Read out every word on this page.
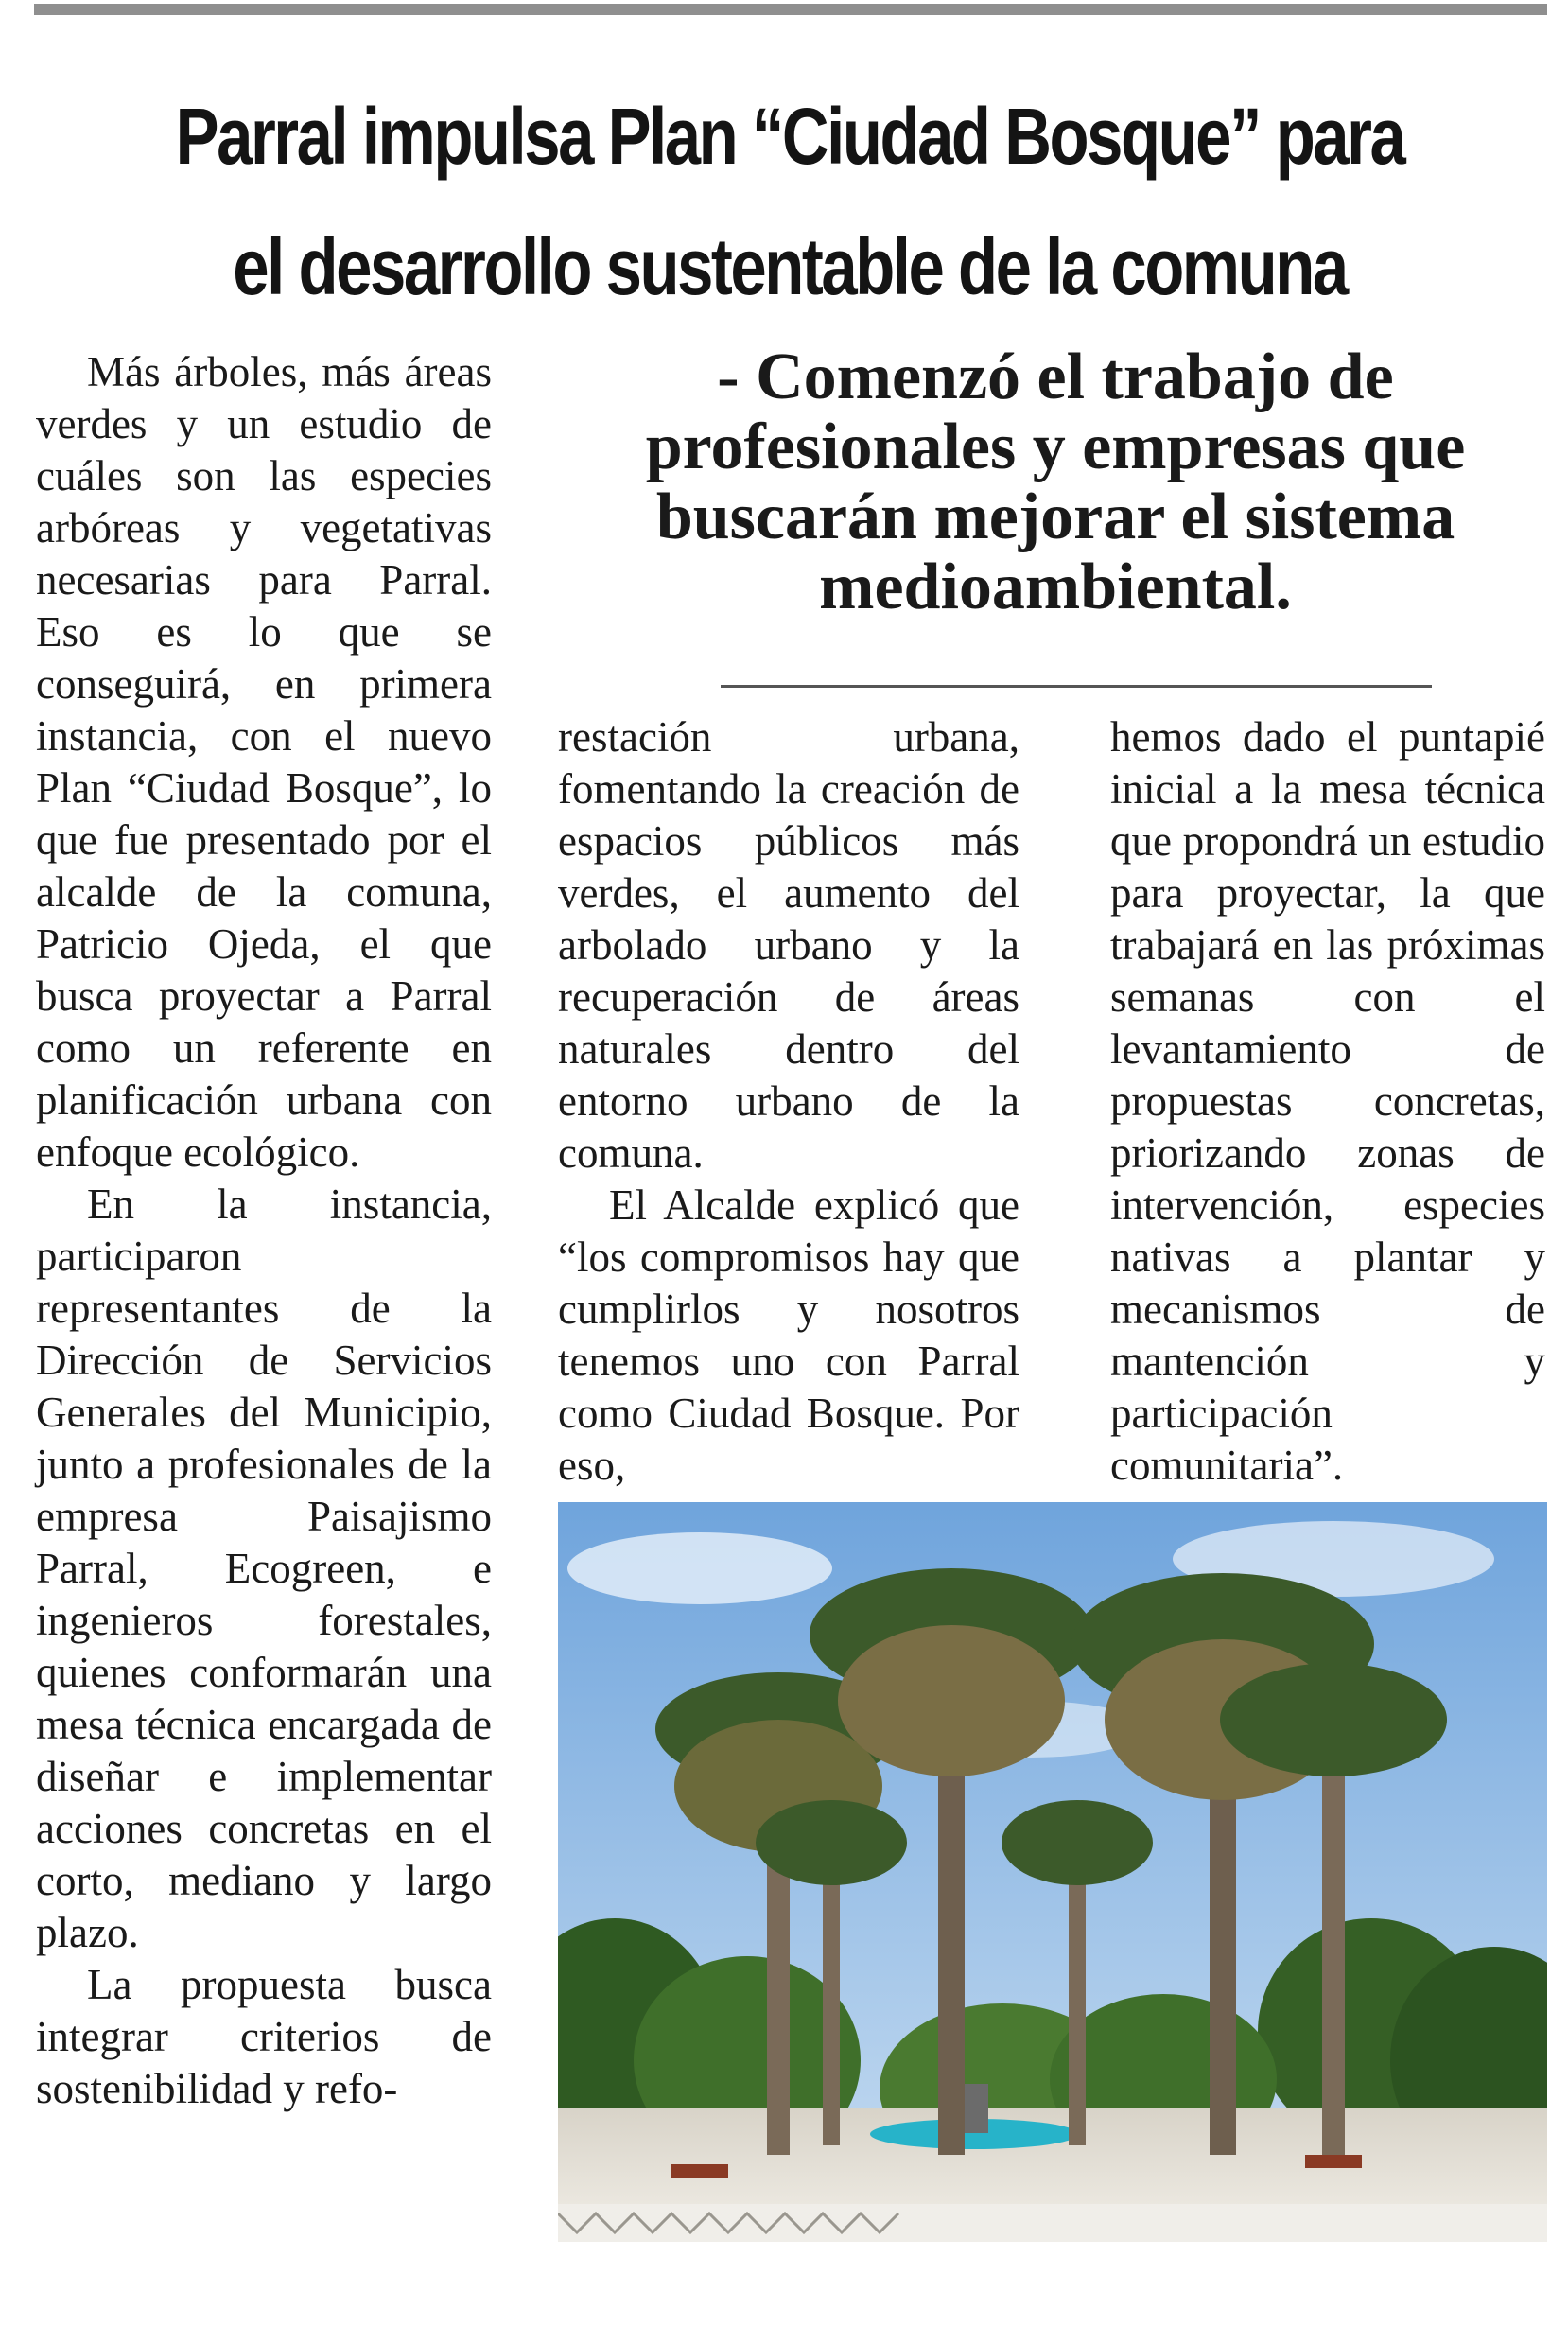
Parral impulsa Plan “Ciudad Bosque” para el desarrollo sustentable de la comuna

Más árboles, más áreas verdes y un estudio de cuáles son las especies arbóreas y vegetativas necesarias para Parral. Eso es lo que se conseguirá, en primera instancia, con el nuevo Plan “Ciudad Bosque”, lo que fue presentado por el alcalde de la comuna, Patricio Ojeda, el que busca proyectar a Parral como un referente en planificación urbana con enfoque ecológico.

En la instancia, participaron representantes de la Dirección de Servicios Generales del Municipio, junto a profesionales de la empresa Paisajismo Parral, Ecogreen, e ingenieros forestales, quienes conformarán una mesa técnica encargada de diseñar e implementar acciones concretas en el corto, mediano y largo plazo.

La propuesta busca integrar criterios de sostenibilidad y refo-

- Comenzó el trabajo de profesionales y empresas que buscarán mejorar el sistema medioambiental.

restación urbana, fomentando la creación de espacios públicos más verdes, el aumento del arbolado urbano y la recuperación de áreas naturales dentro del entorno urbano de la comuna.

El Alcalde explicó que “los compromisos hay que cumplirlos y nosotros tenemos uno con Parral como Ciudad Bosque. Por eso,

hemos dado el puntapié inicial a la mesa técnica que propondrá un estudio para proyectar, la que trabajará en las próximas semanas con el levantamiento de propuestas concretas, priorizando zonas de intervención, especies nativas a plantar y mecanismos de mantención y participación comunitaria”.
